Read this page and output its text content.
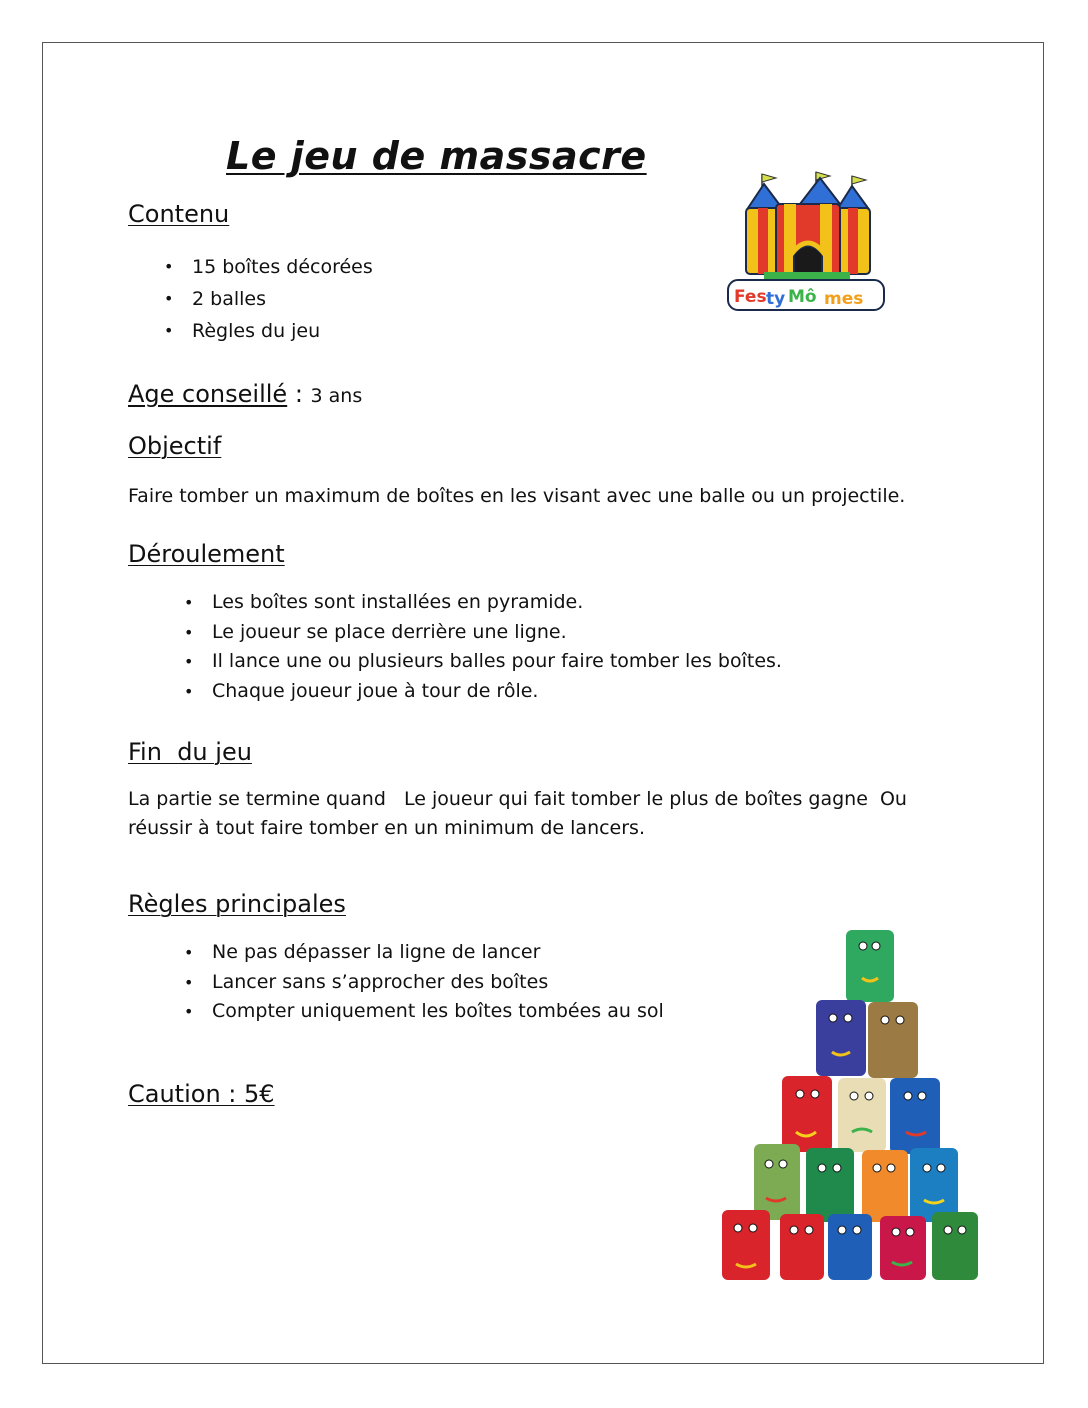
Le jeu de massacre
Fes ty Mô mes
Contenu
• 15 boîtes décorées
• 2 balles
• Règles du jeu
Age conseillé : 3 ans
Objectif

Faire tomber un maximum de boîtes en les visant avec une balle ou un projectile.

Déroulement
• Les boîtes sont installées en pyramide.
• Le joueur se place derrière une ligne.
• Il lance une ou plusieurs balles pour faire tomber les boîtes.
• Chaque joueur joue à tour de rôle.
Fin  du jeu

La partie se termine quand   Le joueur qui fait tomber le plus de boîtes gagne  Ou

réussir à tout faire tomber en un minimum de lancers.

Règles principales
• Ne pas dépasser la ligne de lancer
• Lancer sans s’approcher des boîtes
• Compter uniquement les boîtes tombées au sol
Caution : 5€
